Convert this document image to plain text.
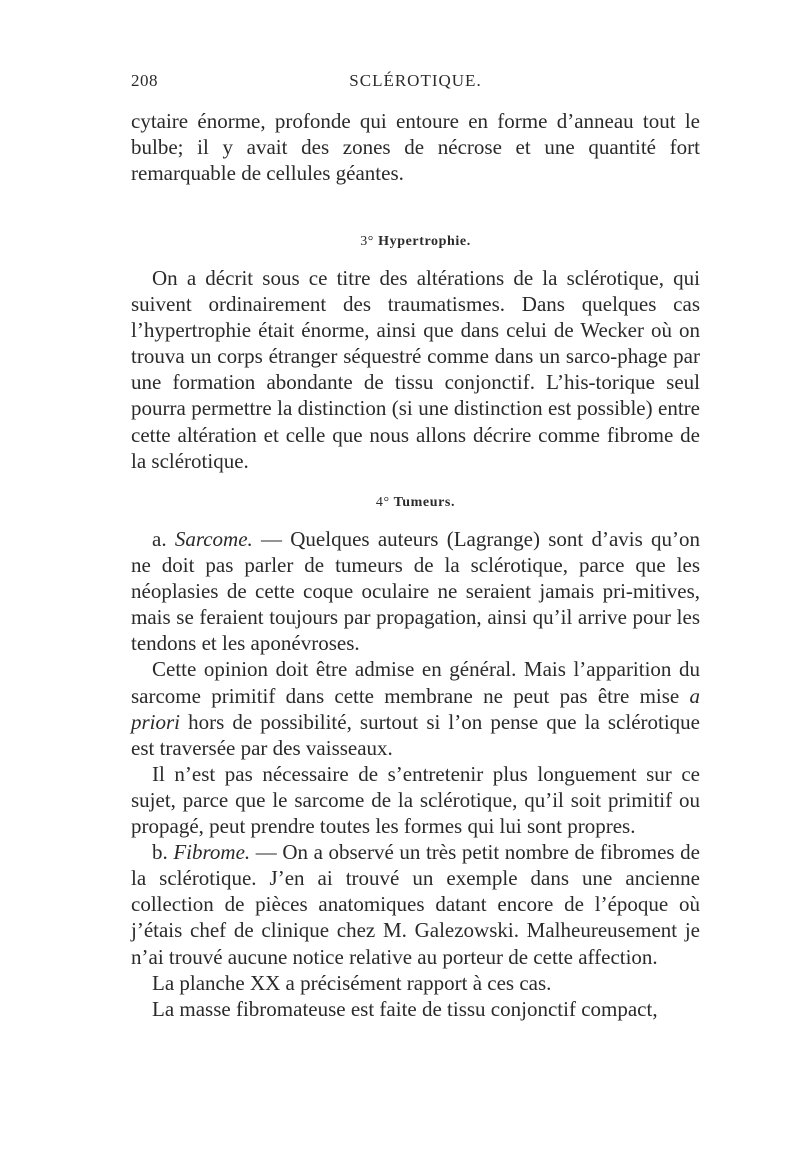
208	SCLÉROTIQUE.

cytaire énorme, profonde qui entoure en forme d’anneau tout le bulbe; il y avait des zones de nécrose et une quantité fort remarquable de cellules géantes.

3° Hypertrophie.

On a décrit sous ce titre des altérations de la sclérotique, qui suivent ordinairement des traumatismes. Dans quelques cas l’hypertrophie était énorme, ainsi que dans celui de Wecker où on trouva un corps étranger séquestré comme dans un sarco-phage par une formation abondante de tissu conjonctif. L’his-torique seul pourra permettre la distinction (si une distinction est possible) entre cette altération et celle que nous allons décrire comme fibrome de la sclérotique.

4° Tumeurs.

a. Sarcome. — Quelques auteurs (Lagrange) sont d’avis qu’on ne doit pas parler de tumeurs de la sclérotique, parce que les néoplasies de cette coque oculaire ne seraient jamais pri-mitives, mais se feraient toujours par propagation, ainsi qu’il arrive pour les tendons et les aponévroses.

Cette opinion doit être admise en général. Mais l’apparition du sarcome primitif dans cette membrane ne peut pas être mise a priori hors de possibilité, surtout si l’on pense que la sclérotique est traversée par des vaisseaux.

Il n’est pas nécessaire de s’entretenir plus longuement sur ce sujet, parce que le sarcome de la sclérotique, qu’il soit primitif ou propagé, peut prendre toutes les formes qui lui sont propres.

b. Fibrome. — On a observé un très petit nombre de fibromes de la sclérotique. J’en ai trouvé un exemple dans une ancienne collection de pièces anatomiques datant encore de l’époque où j’étais chef de clinique chez M. Galezowski. Malheureusement je n’ai trouvé aucune notice relative au porteur de cette affection.

La planche XX a précisément rapport à ces cas.

La masse fibromateuse est faite de tissu conjonctif compact,
